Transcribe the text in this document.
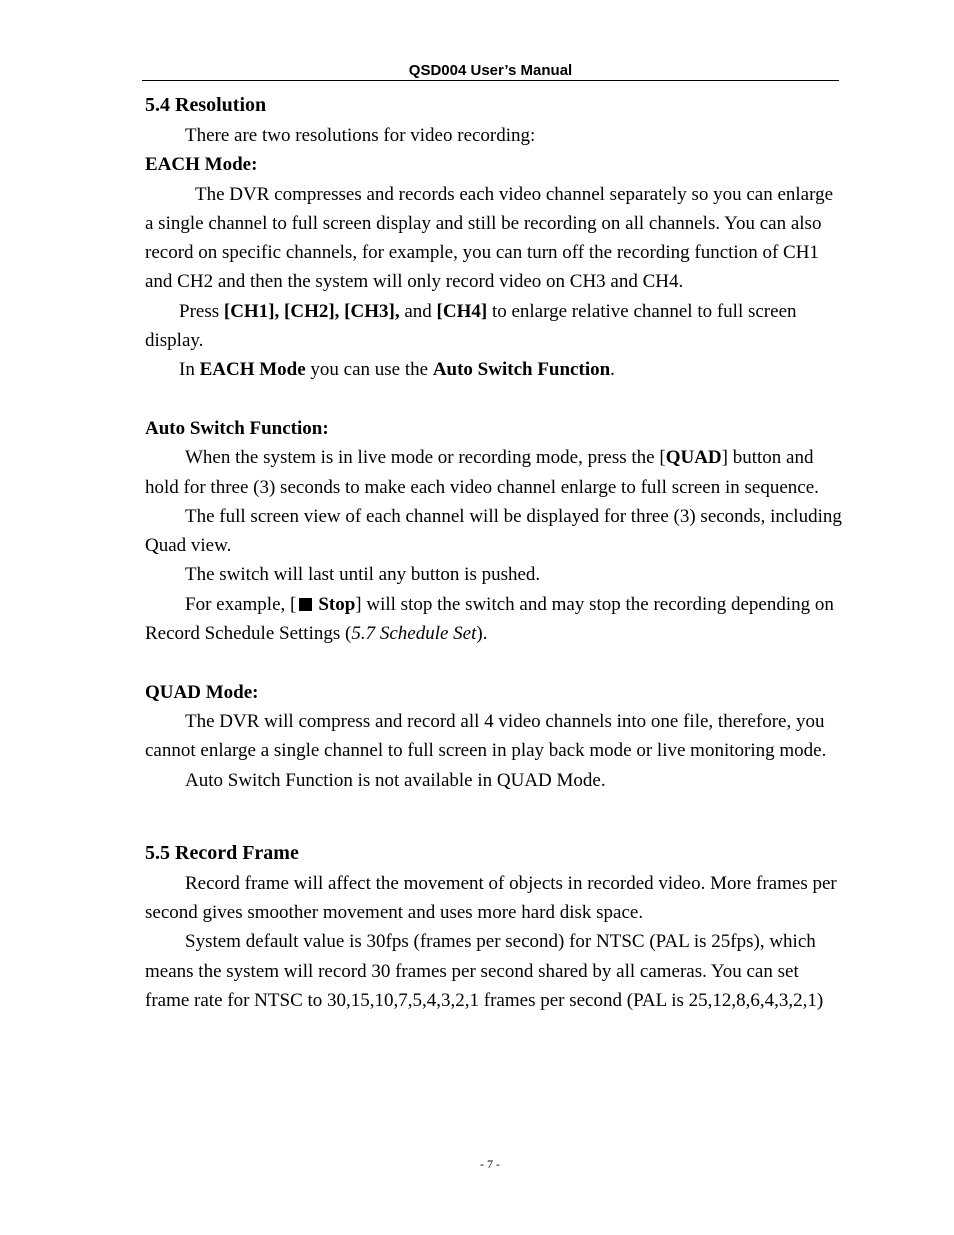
QSD004 User’s Manual

5.4 Resolution

There are two resolutions for video recording:

EACH Mode:

The DVR compresses and records each video channel separately so you can enlarge a single channel to full screen display and still be recording on all channels. You can also record on specific channels, for example, you can turn off the recording function of CH1 and CH2 and then the system will only record video on CH3 and CH4.

Press [CH1], [CH2], [CH3], and [CH4] to enlarge relative channel to full screen display.

In EACH Mode you can use the Auto Switch Function.

Auto Switch Function:

When the system is in live mode or recording mode, press the [QUAD] button and hold for three (3) seconds to make each video channel enlarge to full screen in sequence.

The full screen view of each channel will be displayed for three (3) seconds, including Quad view.

The switch will last until any button is pushed.

For example, [ Stop] will stop the switch and may stop the recording depending on Record Schedule Settings (5.7 Schedule Set).

QUAD Mode:

The DVR will compress and record all 4 video channels into one file, therefore, you cannot enlarge a single channel to full screen in play back mode or live monitoring mode.

Auto Switch Function is not available in QUAD Mode.

5.5 Record Frame

Record frame will affect the movement of objects in recorded video. More frames per second gives smoother movement and uses more hard disk space.

System default value is 30fps (frames per second) for NTSC (PAL is 25fps), which means the system will record 30 frames per second shared by all cameras. You can set frame rate for NTSC to 30,15,10,7,5,4,3,2,1 frames per second (PAL is 25,12,8,6,4,3,2,1)

- 7 -
